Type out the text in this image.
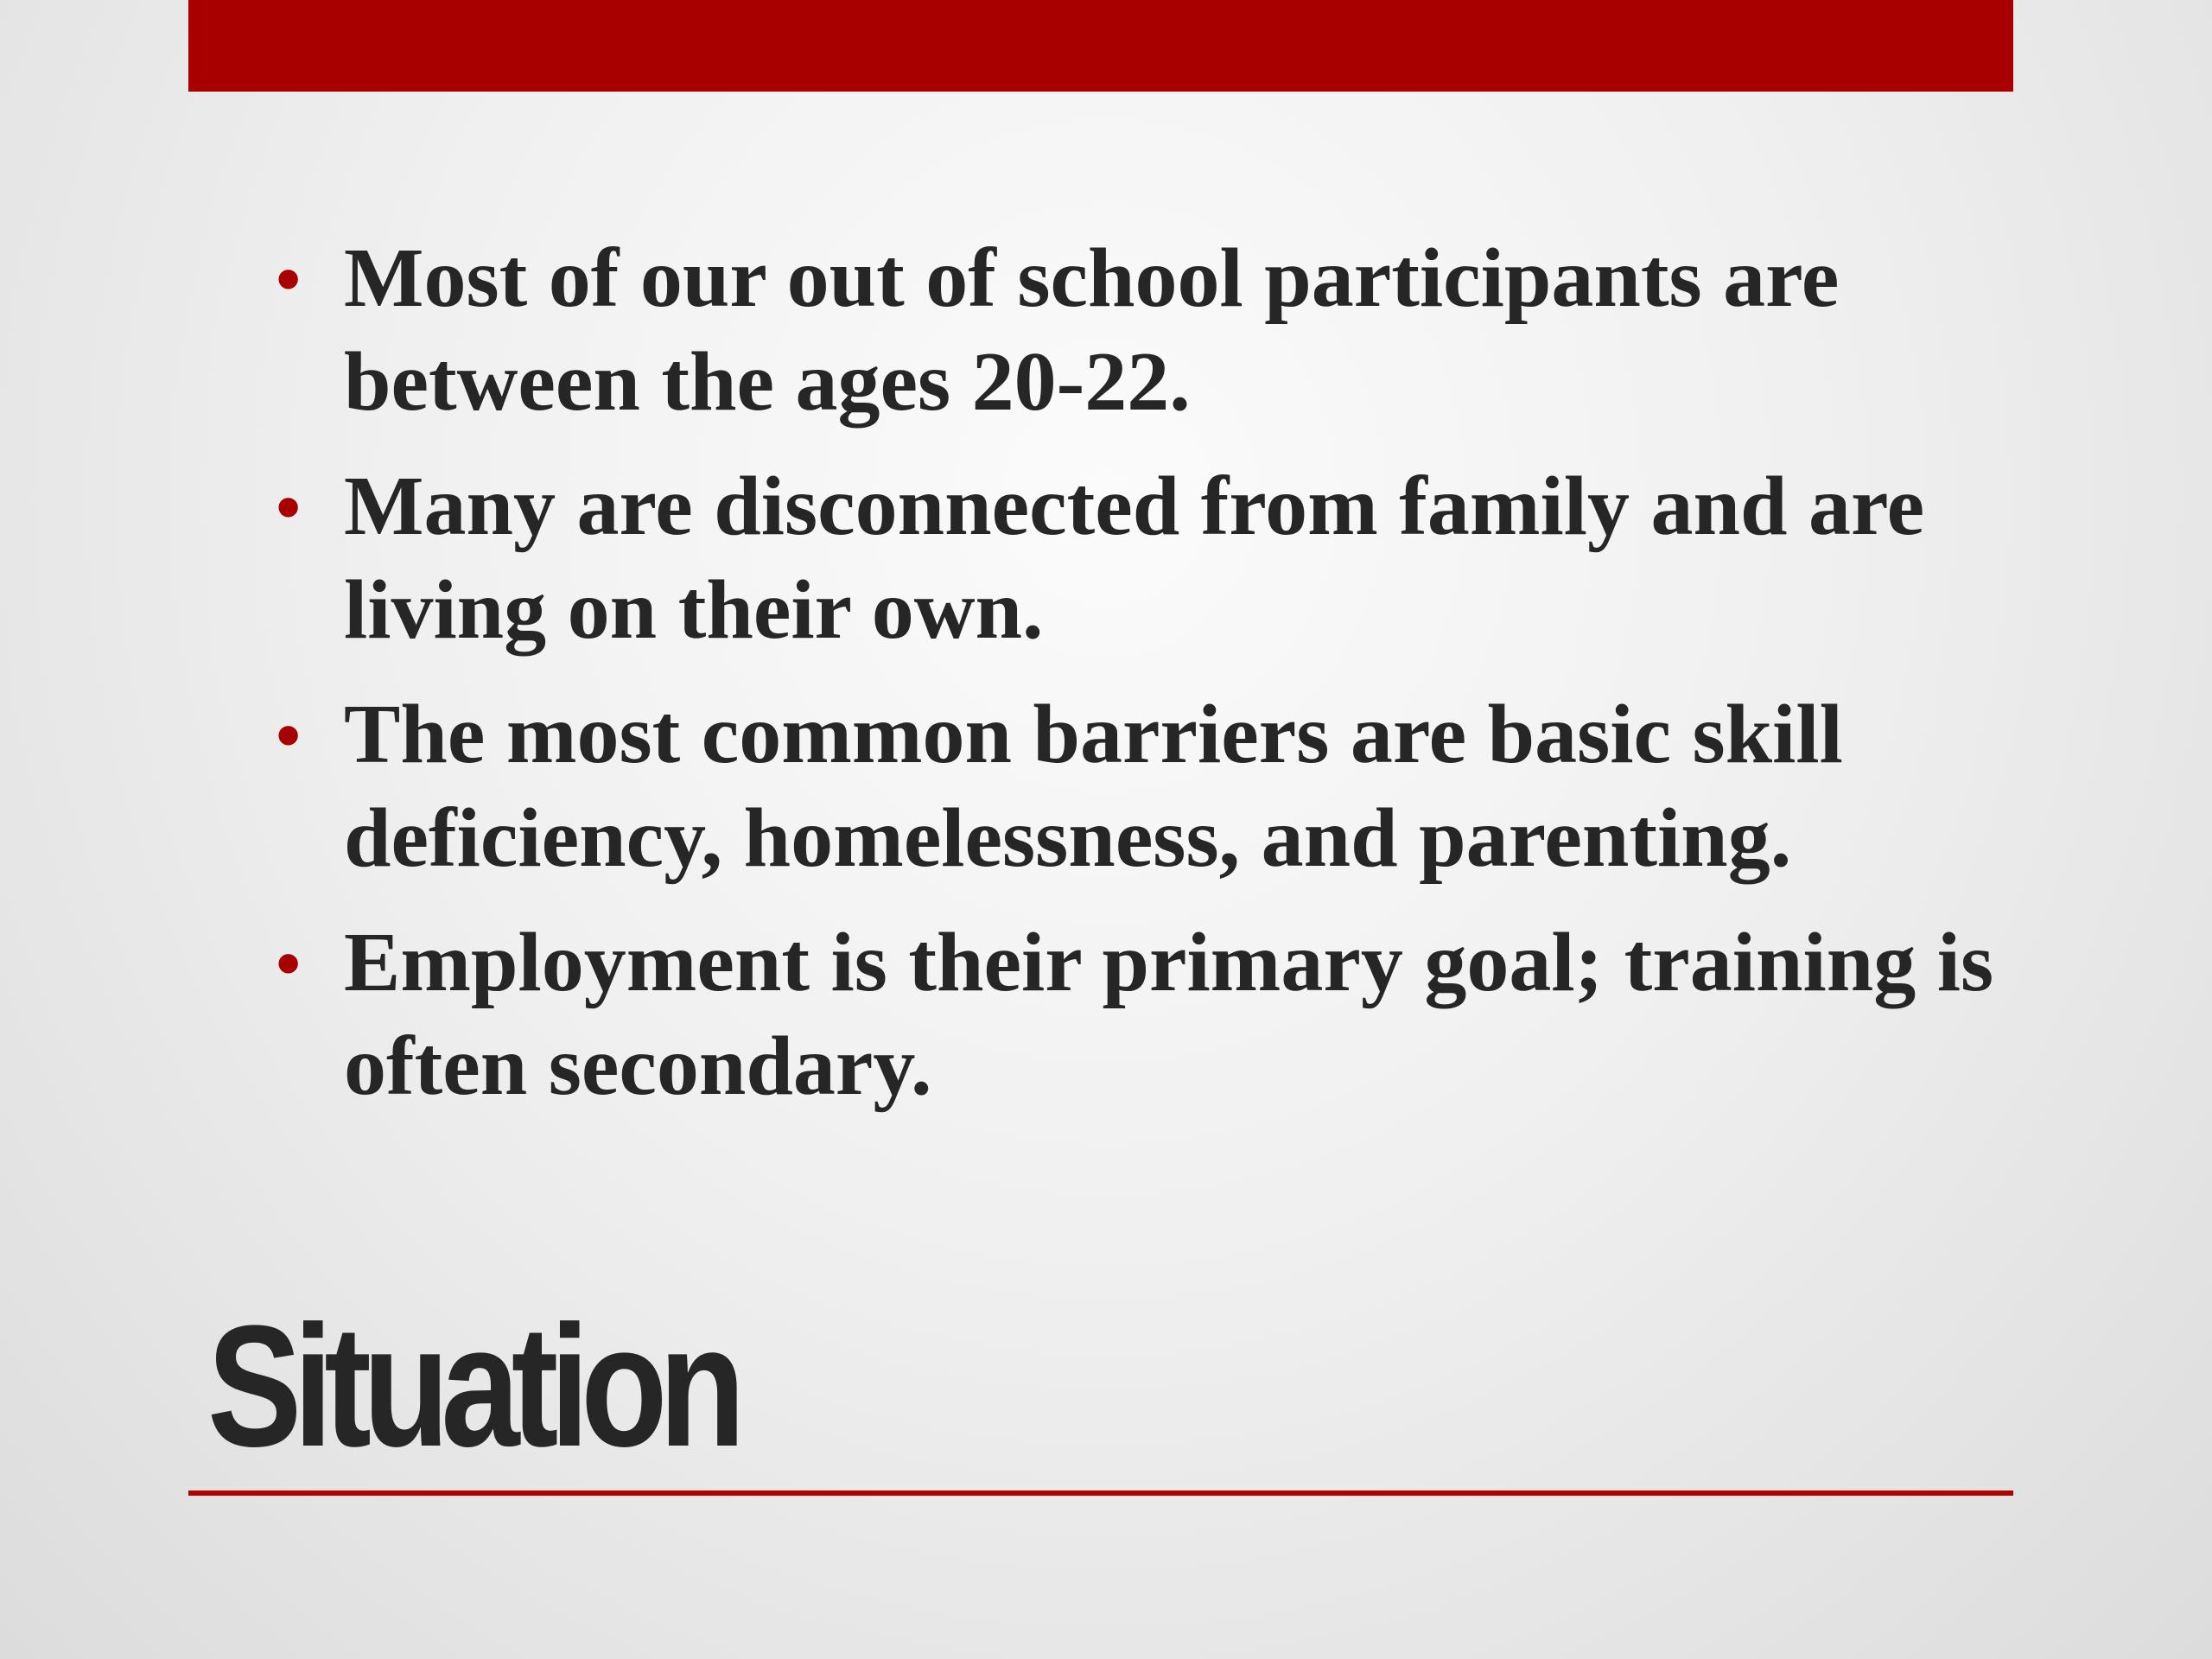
• Most of our out of school participants are between the ages 20-22.
• Many are disconnected from family and are living on their own.
• The most common barriers are basic skill deficiency, homelessness, and parenting.
• Employment is their primary goal; training is often secondary.
Situation
